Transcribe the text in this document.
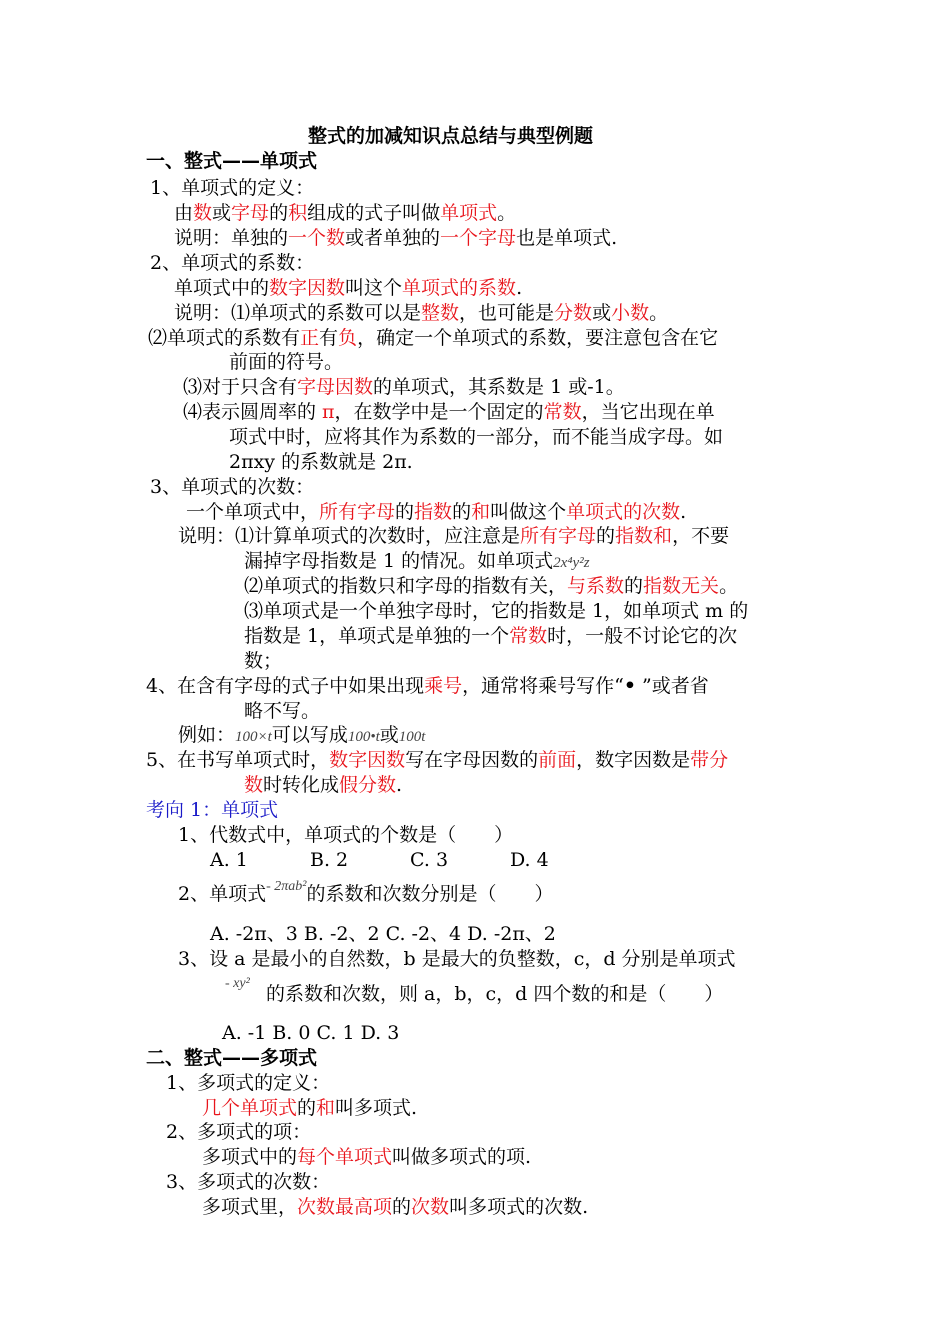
整式的加减知识点总结与典型例题
一、整式——单项式
1、单项式的定义：
由数或字母的积组成的式子叫做单项式。
说明：单独的一个数或者单独的一个字母也是单项式.
2、单项式的系数：
单项式中的数字因数叫这个单项式的系数.
说明：⑴单项式的系数可以是整数，也可能是分数或小数。
⑵单项式的系数有正有负，确定一个单项式的系数，要注意包含在它
前面的符号。
⑶对于只含有字母因数的单项式，其系数是 1 或-1。
⑷表示圆周率的 π，在数学中是一个固定的常数，当它出现在单
项式中时，应将其作为系数的一部分，而不能当成字母。如
2πxy 的系数就是 2π.
3、单项式的次数：
一个单项式中，所有字母的指数的和叫做这个单项式的次数.
说明：⑴计算单项式的次数时，应注意是所有字母的指数和，不要
漏掉字母指数是 1 的情况。如单项式2x⁴y²z
⑵单项式的指数只和字母的指数有关，与系数的指数无关。
⑶单项式是一个单独字母时，它的指数是 1，如单项式 m 的
指数是 1，单项式是单独的一个常数时，一般不讨论它的次
数；
4、在含有字母的式子中如果出现乘号，通常将乘号写作“• ”或者省
略不写。
例如：100×t可以写成100•t或100t
5、在书写单项式时，数字因数写在字母因数的前面，数字因数是带分
数时转化成假分数.
考向 1：单项式
1、代数式中，单项式的个数是（　　）
A. 1	B. 2	C. 3	D. 4
2、单项式$^{- 2\pi ab^2}$的系数和次数分别是（　　）
A. -2π、3 B. -2、2 C. -2、4 D. -2π、2
3、设 a 是最小的自然数，b 是最大的负整数，c，d 分别是单项式
- xy² 的系数和次数，则 a，b，c，d 四个数的和是（　　）
A. -1 B. 0 C. 1 D. 3
二、整式——多项式
1、多项式的定义：
几个单项式的和叫多项式.
2、多项式的项：
多项式中的每个单项式叫做多项式的项.
3、多项式的次数：
多项式里，次数最高项的次数叫多项式的次数.
